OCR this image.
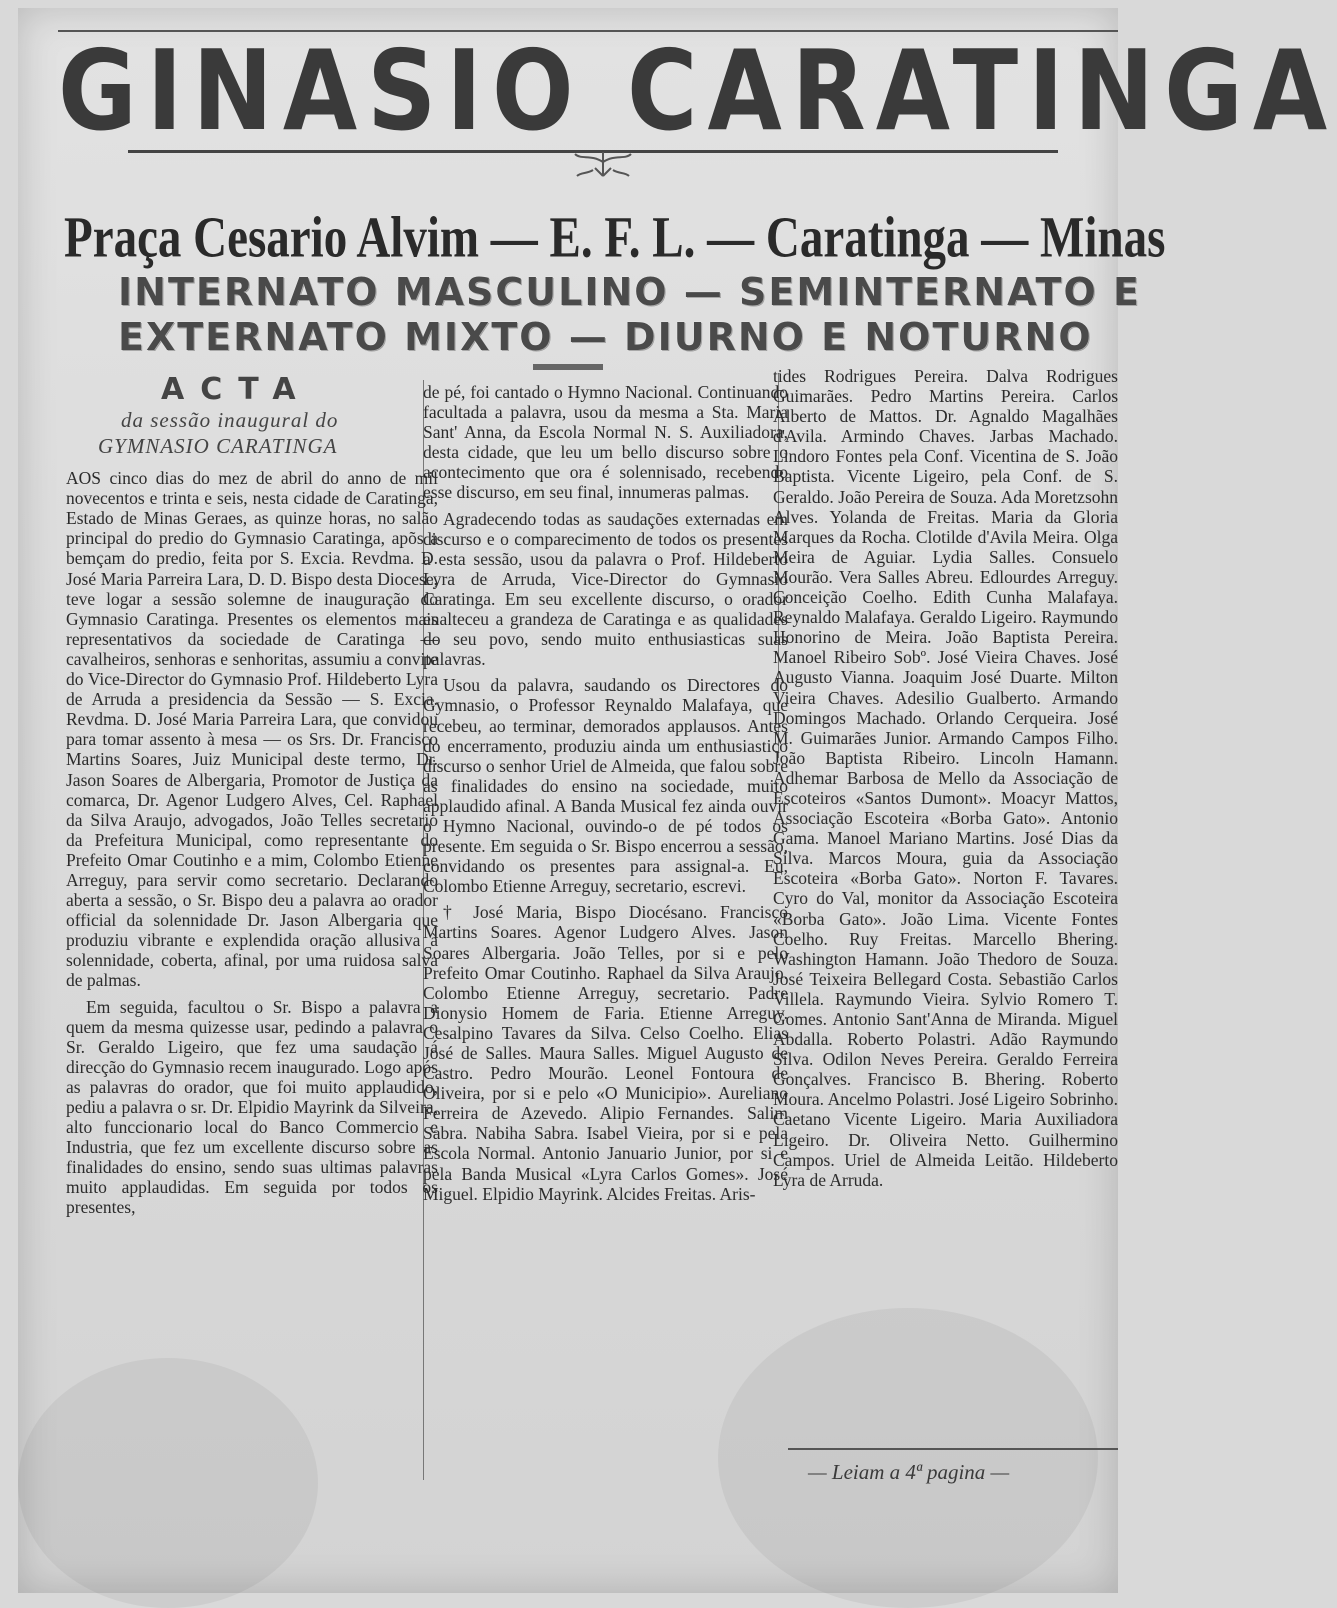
GINASIO CARATINGA
Praça Cesario Alvim — E. F. L. — Caratinga — Minas
INTERNATO MASCULINO — SEMINTERNATO E
EXTERNATO MIXTO — DIURNO E NOTURNO
ACTA
da sessão inaugural do
GYMNASIO CARATINGA

AOS cinco dias do mez de abril do anno de mil novecentos e trinta e seis, nesta cidade de Caratinga, Estado de Minas Geraes, as quinze horas, no salão principal do predio do Gymnasio Caratinga, apõs a bemçam do predio, feita por S. Excia. Revdma. D. José Maria Parreira Lara, D. D. Bispo desta Diocese, teve logar a sessão solemne de inauguração do Gymnasio Caratinga. Presentes os elementos mais representativos da sociedade de Caratinga — cavalheiros, senhoras e senhoritas, assumiu a convite do Vice-Director do Gymnasio Prof. Hildeberto Lyra de Arruda a presidencia da Sessão — S. Excia. Revdma. D. José Maria Parreira Lara, que convidou para tomar assento à mesa — os Srs. Dr. Francisco Martins Soares, Juiz Municipal deste termo, Dr. Jason Soares de Albergaria, Promotor de Justiça da comarca, Dr. Agenor Ludgero Alves, Cel. Raphael da Silva Araujo, advogados, João Telles secretario da Prefeitura Municipal, como representante do Prefeito Omar Coutinho e a mim, Colombo Etienne Arreguy, para servir como secretario. Declarando aberta a sessão, o Sr. Bispo deu a palavra ao orador official da solennidade Dr. Jason Albergaria que produziu vibrante e explendida oração allusiva à solennidade, coberta, afinal, por uma ruidosa salva de palmas.

Em seguida, facultou o Sr. Bispo a palavra a quem da mesma quizesse usar, pedindo a palavra o Sr. Geraldo Ligeiro, que fez uma saudação á direcção do Gymnasio recem inaugurado. Logo após as palavras do orador, que foi muito applaudido, pediu a palavra o sr. Dr. Elpidio Mayrink da Silveira, alto funccionario local do Banco Commercio e Industria, que fez um excellente discurso sobre as finalidades do ensino, sendo suas ultimas palavras muito applaudidas. Em seguida por todos os presentes,

de pé, foi cantado o Hymno Nacional. Continuando facultada a palavra, usou da mesma a Sta. Maria Sant' Anna, da Escola Normal N. S. Auxiliadora, desta cidade, que leu um bello discurso sobre o acontecimento que ora é solennisado, recebendo esse discurso, em seu final, innumeras palmas.

Agradecendo todas as saudações externadas em discurso e o comparecimento de todos os presentes a esta sessão, usou da palavra o Prof. Hildeberto Lyra de Arruda, Vice-Director do Gymnasio Caratinga. Em seu excellente discurso, o orador enalteceu a grandeza de Caratinga e as qualidades do seu povo, sendo muito enthusiasticas suas palavras.

Usou da palavra, saudando os Directores do Gymnasio, o Professor Reynaldo Malafaya, que recebeu, ao terminar, demorados applausos. Antes do encerramento, produziu ainda um enthusiastico discurso o senhor Uriel de Almeida, que falou sobre as finalidades do ensino na sociedade, muito applaudido afinal. A Banda Musical fez ainda ouvir o Hymno Nacional, ouvindo-o de pé todos os presente. Em seguida o Sr. Bispo encerrou a sessão, convidando os presentes para assignal-a. Eu, Colombo Etienne Arreguy, secretario, escrevi.

† José Maria, Bispo Diocésano. Francisco Martins Soares. Agenor Ludgero Alves. Jason Soares Albergaria. João Telles, por si e pelo Prefeito Omar Coutinho. Raphael da Silva Araujo. Colombo Etienne Arreguy, secretario. Padre Dionysio Homem de Faria. Etienne Arreguy. Cesalpino Tavares da Silva. Celso Coelho. Elias José de Salles. Maura Salles. Miguel Augusto de Castro. Pedro Mourão. Leonel Fontoura de Oliveira, por si e pelo «O Municipio». Aureliano Ferreira de Azevedo. Alipio Fernandes. Salim Sabra. Nabiha Sabra. Isabel Vieira, por si e pela Escola Normal. Antonio Januario Junior, por si e pela Banda Musical «Lyra Carlos Gomes». José Miguel. Elpidio Mayrink. Alcides Freitas. Aris-

tides Rodrigues Pereira. Dalva Rodrigues Guimarães. Pedro Martins Pereira. Carlos Alberto de Mattos. Dr. Agnaldo Magalhães d'Avila. Armindo Chaves. Jarbas Machado. Lindoro Fontes pela Conf. Vicentina de S. João Baptista. Vicente Ligeiro, pela Conf. de S. Geraldo. João Pereira de Souza. Ada Moretzsohn Alves. Yolanda de Freitas. Maria da Gloria Marques da Rocha. Clotilde d'Avila Meira. Olga Meira de Aguiar. Lydia Salles. Consuelo Mourão. Vera Salles Abreu. Edlourdes Arreguy. Conceição Coelho. Edith Cunha Malafaya. Reynaldo Malafaya. Geraldo Ligeiro. Raymundo Honorino de Meira. João Baptista Pereira. Manoel Ribeiro Sobº. José Vieira Chaves. José Augusto Vianna. Joaquim José Duarte. Milton Vieira Chaves. Adesilio Gualberto. Armando Domingos Machado. Orlando Cerqueira. José M. Guimarães Junior. Armando Campos Filho. João Baptista Ribeiro. Lincoln Hamann. Adhemar Barbosa de Mello da Associação de Escoteiros «Santos Dumont». Moacyr Mattos, Associação Escoteira «Borba Gato». Antonio Gama. Manoel Mariano Martins. José Dias da Silva. Marcos Moura, guia da Associação Escoteira «Borba Gato». Norton F. Tavares. Cyro do Val, monitor da Associação Escoteira «Borba Gato». João Lima. Vicente Fontes Coelho. Ruy Freitas. Marcello Bhering. Washington Hamann. João Thedoro de Souza. José Teixeira Bellegard Costa. Sebastião Carlos Villela. Raymundo Vieira. Sylvio Romero T. Gomes. Antonio Sant'Anna de Miranda. Miguel Abdalla. Roberto Polastri. Adão Raymundo Silva. Odilon Neves Pereira. Geraldo Ferreira Gonçalves. Francisco B. Bhering. Roberto Moura. Ancelmo Polastri. José Ligeiro Sobrinho. Caetano Vicente Ligeiro. Maria Auxiliadora Ligeiro. Dr. Oliveira Netto. Guilhermino Campos. Uriel de Almeida Leitão. Hildeberto Lyra de Arruda.

— Leiam a 4ª pagina —
